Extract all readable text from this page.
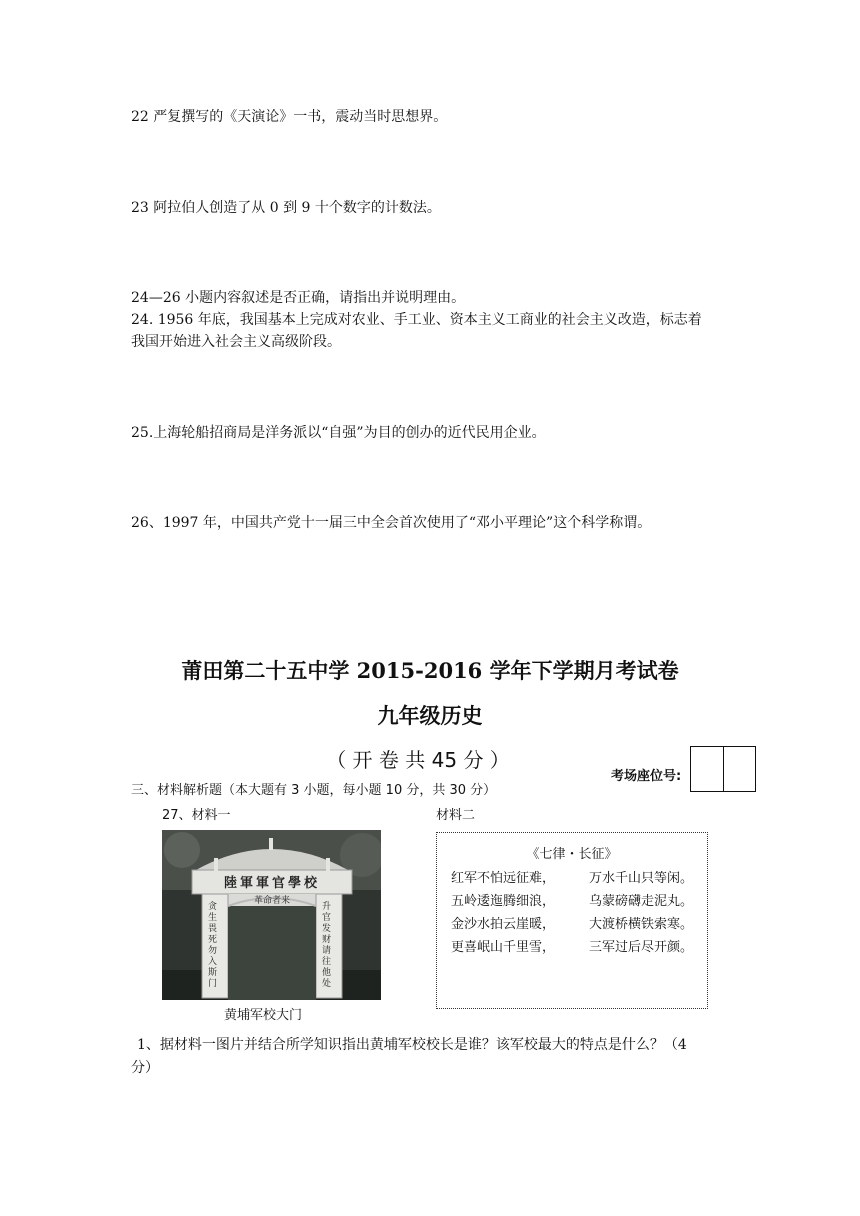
22 严复撰写的《天演论》一书，震动当时思想界。
23 阿拉伯人创造了从 0 到 9 十个数字的计数法。
24—26 小题内容叙述是否正确，请指出并说明理由。
24. 1956 年底，我国基本上完成对农业、手工业、资本主义工商业的社会主义改造，标志着
我国开始进入社会主义高级阶段。
25.上海轮船招商局是洋务派以“自强”为目的创办的近代民用企业。
26、1997 年，中国共产党十一届三中全会首次使用了“邓小平理论”这个科学称谓。
莆田第二十五中学 2015-2016 学年下学期月考试卷
九年级历史
（ 开 卷 共 45 分 ）
考场座位号:
三、材料解析题（本大题有 3 小题，每小题 10 分，共 30 分）
27、材料一	材料二
陸軍軍官學校
革命者来
贪生畏死勿入斯门
升官发财请往他处
黄埔军校大门
《七律・长征》
红军不怕远征难，	万水千山只等闲。
五岭逶迤腾细浪，	乌蒙磅礴走泥丸。
金沙水拍云崖暖，	大渡桥横铁索寒。
更喜岷山千里雪，	三军过后尽开颜。
1、据材料一图片并结合所学知识指出黄埔军校校长是谁？该军校最大的特点是什么？（4
分）
